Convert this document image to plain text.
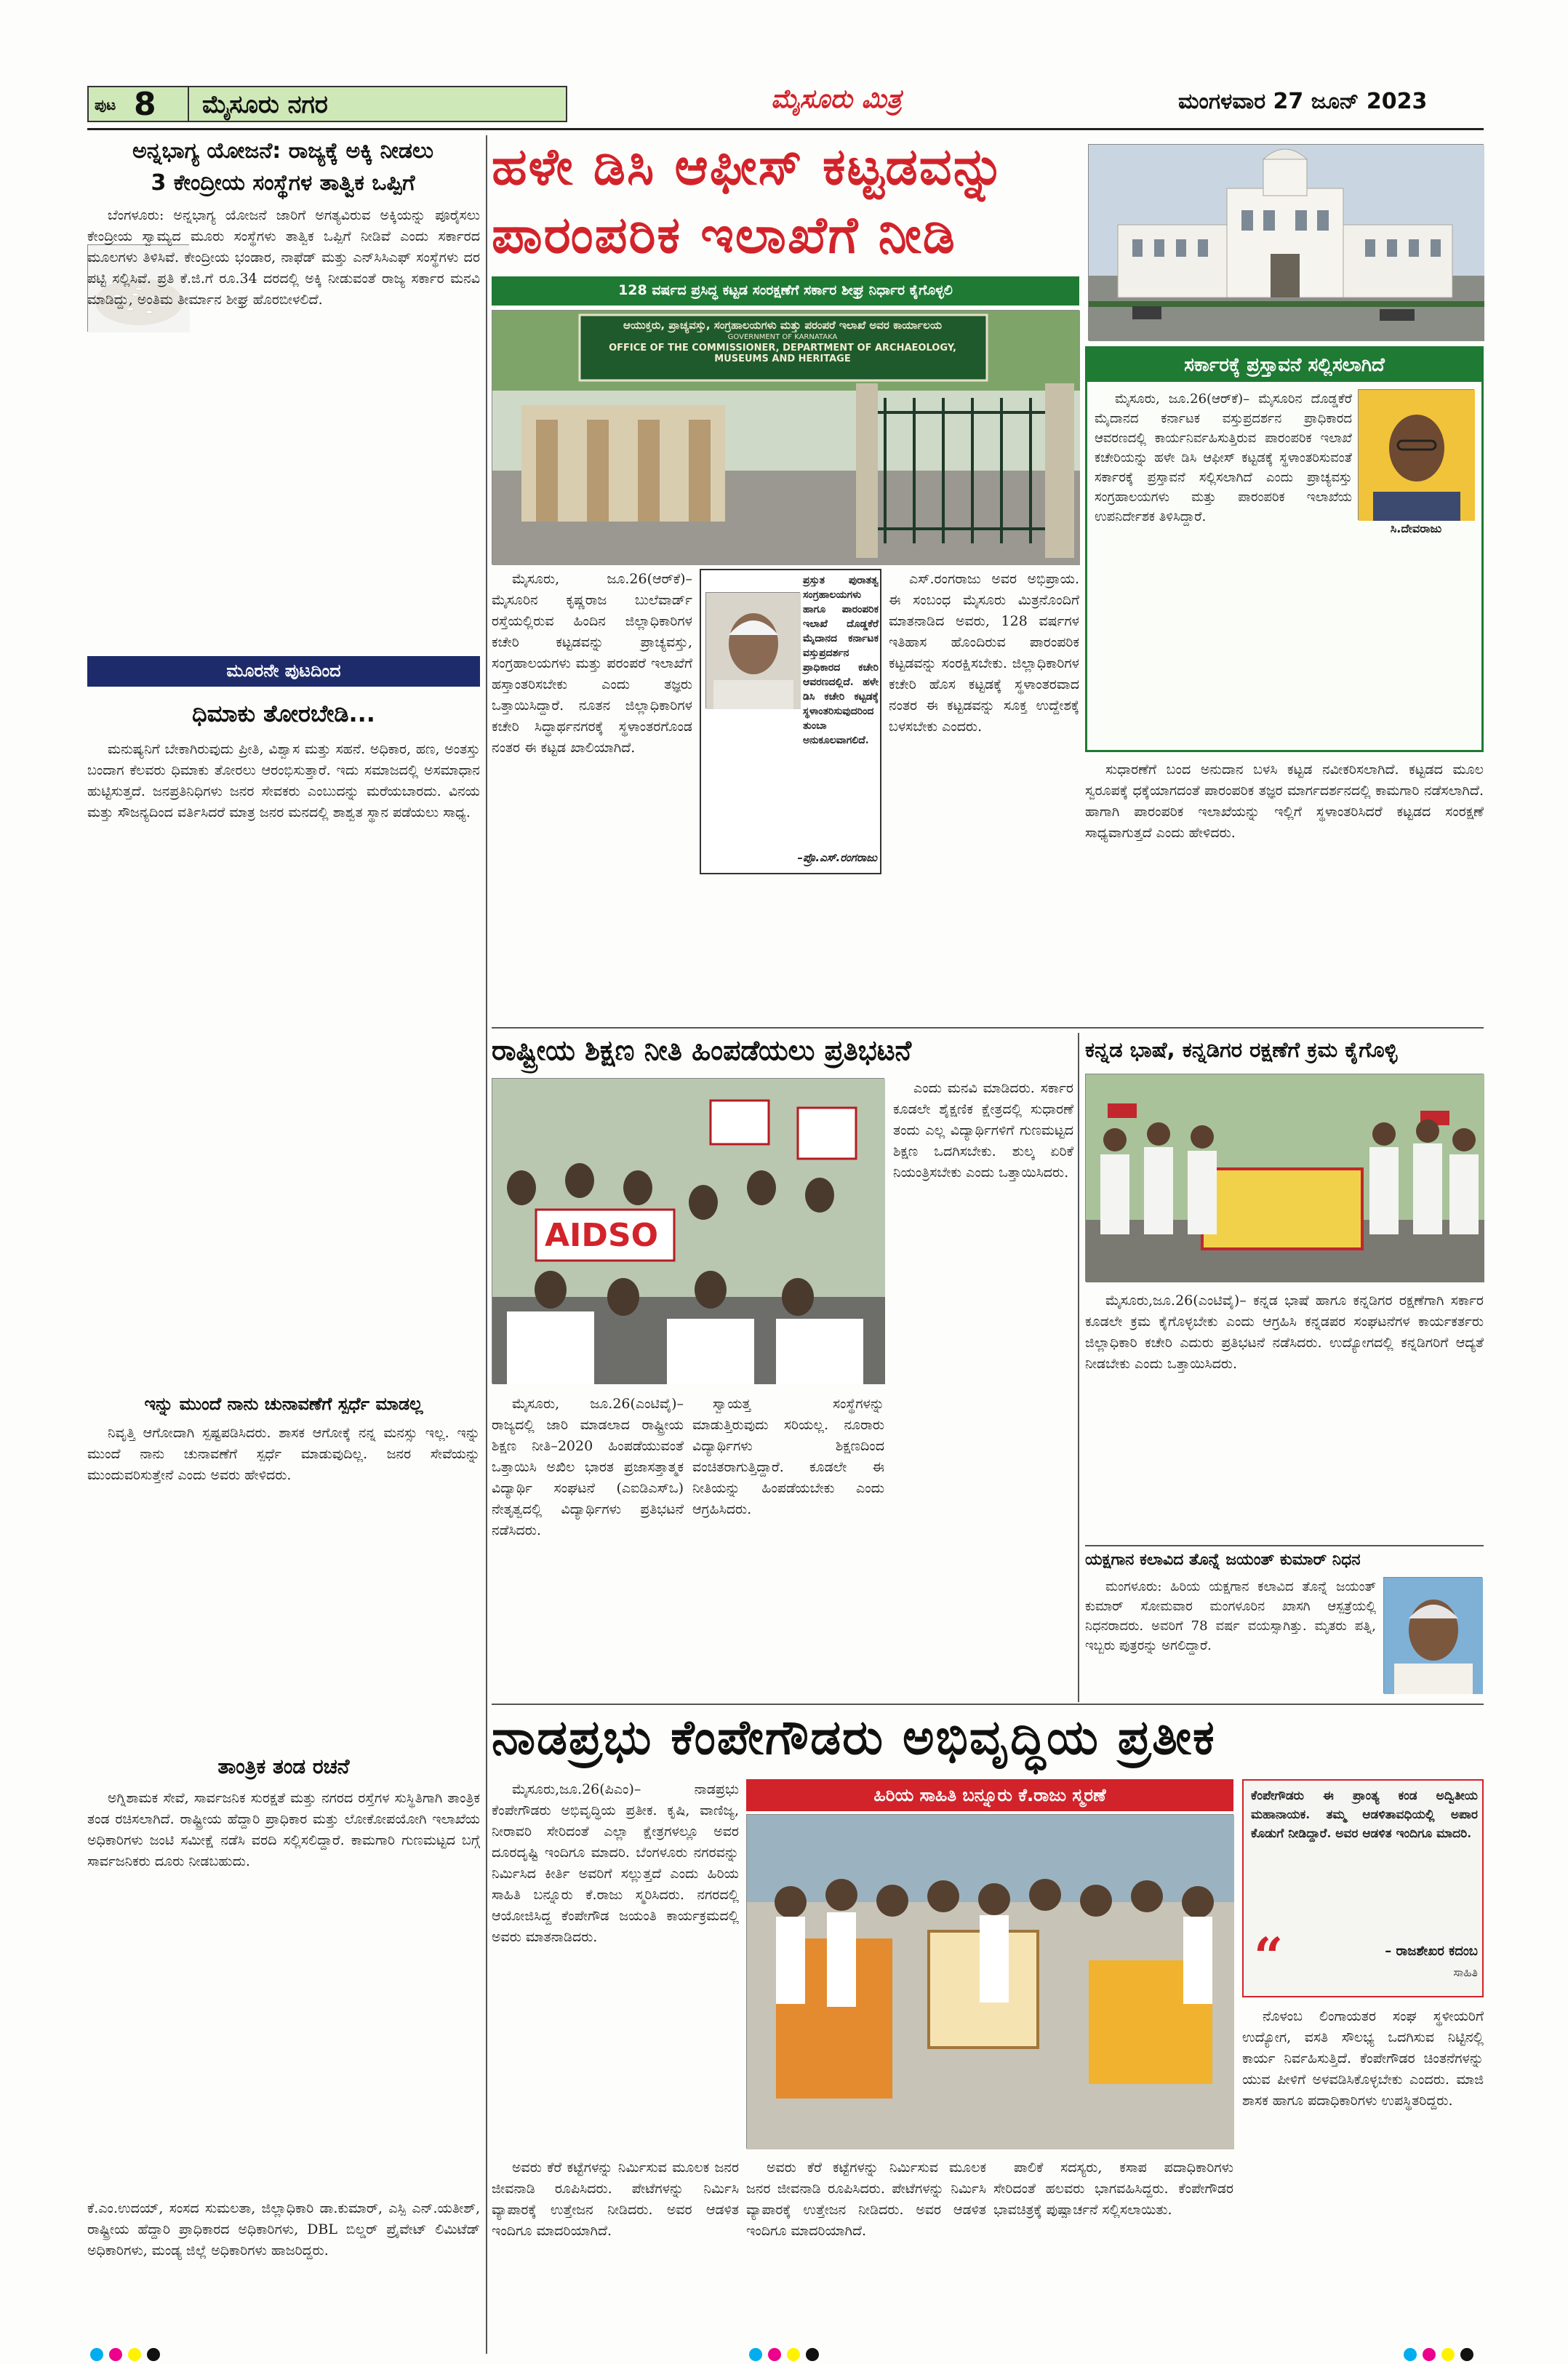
ಪುಟ 8 ಮೈಸೂರು ನಗರ	ಮೈಸೂರು ಮಿತ್ರ	ಮಂಗಳವಾರ 27 ಜೂನ್ 2023
ಅನ್ನಭಾಗ್ಯ ಯೋಜನೆ: ರಾಜ್ಯಕ್ಕೆ ಅಕ್ಕಿ ನೀಡಲು
3 ಕೇಂದ್ರೀಯ ಸಂಸ್ಥೆಗಳ ತಾತ್ವಿಕ ಒಪ್ಪಿಗೆ

ಬೆಂಗಳೂರು: ಅನ್ನಭಾಗ್ಯ ಯೋಜನೆ ಜಾರಿಗೆ ಅಗತ್ಯವಿರುವ ಅಕ್ಕಿಯನ್ನು ಪೂರೈಸಲು ಕೇಂದ್ರೀಯ ಸ್ವಾಮ್ಯದ ಮೂರು ಸಂಸ್ಥೆಗಳು ತಾತ್ವಿಕ ಒಪ್ಪಿಗೆ ನೀಡಿವೆ ಎಂದು ಸರ್ಕಾರದ ಮೂಲಗಳು ತಿಳಿಸಿವೆ. ಕೇಂದ್ರೀಯ ಭಂಡಾರ, ನಾಫೆಡ್ ಮತ್ತು ಎನ್‌ಸಿಸಿಎಫ್ ಸಂಸ್ಥೆಗಳು ದರ ಪಟ್ಟಿ ಸಲ್ಲಿಸಿವೆ. ಪ್ರತಿ ಕೆ.ಜಿ.ಗೆ ರೂ.34 ದರದಲ್ಲಿ ಅಕ್ಕಿ ನೀಡುವಂತೆ ರಾಜ್ಯ ಸರ್ಕಾರ ಮನವಿ ಮಾಡಿದ್ದು, ಅಂತಿಮ ತೀರ್ಮಾನ ಶೀಘ್ರ ಹೊರಬೀಳಲಿದೆ.

ಮೂರನೇ ಪುಟದಿಂದ
ಧಿಮಾಕು ತೋರಬೇಡಿ...

ಮನುಷ್ಯನಿಗೆ ಬೇಕಾಗಿರುವುದು ಪ್ರೀತಿ, ವಿಶ್ವಾಸ ಮತ್ತು ಸಹನೆ. ಅಧಿಕಾರ, ಹಣ, ಅಂತಸ್ತು ಬಂದಾಗ ಕೆಲವರು ಧಿಮಾಕು ತೋರಲು ಆರಂಭಿಸುತ್ತಾರೆ. ಇದು ಸಮಾಜದಲ್ಲಿ ಅಸಮಾಧಾನ ಹುಟ್ಟಿಸುತ್ತದೆ. ಜನಪ್ರತಿನಿಧಿಗಳು ಜನರ ಸೇವಕರು ಎಂಬುದನ್ನು ಮರೆಯಬಾರದು. ವಿನಯ ಮತ್ತು ಸೌಜನ್ಯದಿಂದ ವರ್ತಿಸಿದರೆ ಮಾತ್ರ ಜನರ ಮನದಲ್ಲಿ ಶಾಶ್ವತ ಸ್ಥಾನ ಪಡೆಯಲು ಸಾಧ್ಯ.

ಇನ್ನು ಮುಂದೆ ನಾನು ಚುನಾವಣೆಗೆ ಸ್ಪರ್ಧೆ ಮಾಡಲ್ಲ

ನಿವೃತ್ತಿ ಆಗೋದಾಗಿ ಸ್ಪಷ್ಟಪಡಿಸಿದರು. ಶಾಸಕ ಆಗೋಕ್ಕೆ ನನ್ನ ಮನಸ್ಸು ಇಲ್ಲ. ಇನ್ನು ಮುಂದೆ ನಾನು ಚುನಾವಣೆಗೆ ಸ್ಪರ್ಧೆ ಮಾಡುವುದಿಲ್ಲ. ಜನರ ಸೇವೆಯನ್ನು ಮುಂದುವರಿಸುತ್ತೇನೆ ಎಂದು ಅವರು ಹೇಳಿದರು.

ತಾಂತ್ರಿಕ ತಂಡ ರಚನೆ

ಅಗ್ನಿಶಾಮಕ ಸೇವೆ, ಸಾರ್ವಜನಿಕ ಸುರಕ್ಷತೆ ಮತ್ತು ನಗರದ ರಸ್ತೆಗಳ ಸುಸ್ಥಿತಿಗಾಗಿ ತಾಂತ್ರಿಕ ತಂಡ ರಚಿಸಲಾಗಿದೆ. ರಾಷ್ಟ್ರೀಯ ಹೆದ್ದಾರಿ ಪ್ರಾಧಿಕಾರ ಮತ್ತು ಲೋಕೋಪಯೋಗಿ ಇಲಾಖೆಯ ಅಧಿಕಾರಿಗಳು ಜಂಟಿ ಸಮೀಕ್ಷೆ ನಡೆಸಿ ವರದಿ ಸಲ್ಲಿಸಲಿದ್ದಾರೆ. ಕಾಮಗಾರಿ ಗುಣಮಟ್ಟದ ಬಗ್ಗೆ ಸಾರ್ವಜನಿಕರು ದೂರು ನೀಡಬಹುದು.

ಕೆ.ಎಂ.ಉದಯ್, ಸಂಸದ ಸುಮಲತಾ, ಜಿಲ್ಲಾಧಿಕಾರಿ ಡಾ.ಕುಮಾರ್, ಎಸ್ಪಿ ಎನ್.ಯತೀಶ್, ರಾಷ್ಟ್ರೀಯ ಹೆದ್ದಾರಿ ಪ್ರಾಧಿಕಾರದ ಅಧಿಕಾರಿಗಳು, DBL ಬಿಲ್ಡರ್ ಪ್ರೈವೇಟ್ ಲಿಮಿಟೆಡ್ ಅಧಿಕಾರಿಗಳು, ಮಂಡ್ಯ ಜಿಲ್ಲೆ ಅಧಿಕಾರಿಗಳು ಹಾಜರಿದ್ದರು.

ಹಳೇ ಡಿಸಿ ಆಫೀಸ್ ಕಟ್ಟಡವನ್ನು
ಪಾರಂಪರಿಕ ಇಲಾಖೆಗೆ ನೀಡಿ
128 ವರ್ಷದ ಪ್ರಸಿದ್ಧ ಕಟ್ಟಡ ಸಂರಕ್ಷಣೆಗೆ ಸರ್ಕಾರ ಶೀಘ್ರ ನಿರ್ಧಾರ ಕೈಗೊಳ್ಳಲಿ
ಆಯುಕ್ತರು, ಪ್ರಾಚ್ಯವಸ್ತು, ಸಂಗ್ರಹಾಲಯಗಳು ಮತ್ತು ಪರಂಪರೆ ಇಲಾಖೆ ಅವರ ಕಾರ್ಯಾಲಯ
GOVERNMENT OF KARNATAKA
OFFICE OF THE COMMISSIONER, DEPARTMENT OF ARCHAEOLOGY, MUSEUMS AND HERITAGE	ಸರ್ಕಾರಕ್ಕೆ ಪ್ರಸ್ತಾವನೆ ಸಲ್ಲಿಸಲಾಗಿದೆ
ಸಿ.ದೇವರಾಜು

ಮೈಸೂರು, ಜೂ.26(ಆರ್‌ಕೆ)– ಮೈಸೂರಿನ ದೊಡ್ಡಕೆರೆ ಮೈದಾನದ ಕರ್ನಾಟಕ ವಸ್ತುಪ್ರದರ್ಶನ ಪ್ರಾಧಿಕಾರದ ಆವರಣದಲ್ಲಿ ಕಾರ್ಯನಿರ್ವಹಿಸುತ್ತಿರುವ ಪಾರಂಪರಿಕ ಇಲಾಖೆ ಕಚೇರಿಯನ್ನು ಹಳೇ ಡಿಸಿ ಆಫೀಸ್ ಕಟ್ಟಡಕ್ಕೆ ಸ್ಥಳಾಂತರಿಸುವಂತೆ ಸರ್ಕಾರಕ್ಕೆ ಪ್ರಸ್ತಾವನೆ ಸಲ್ಲಿಸಲಾಗಿದೆ ಎಂದು ಪ್ರಾಚ್ಯವಸ್ತು ಸಂಗ್ರಹಾಲಯಗಳು ಮತ್ತು ಪಾರಂಪರಿಕ ಇಲಾಖೆಯ ಉಪನಿರ್ದೇಶಕ ತಿಳಿಸಿದ್ದಾರೆ.

ಪ್ರಸ್ತುತ ಪುರಾತತ್ವ ಸಂಗ್ರಹಾಲಯಗಳು ಹಾಗೂ ಪಾರಂಪರಿಕ ಇಲಾಖೆ ದೊಡ್ಡಕೆರೆ ಮೈದಾನದ ಕರ್ನಾಟಕ ವಸ್ತುಪ್ರದರ್ಶನ ಪ್ರಾಧಿಕಾರದ ಕಚೇರಿ ಆವರಣದಲ್ಲಿದೆ. ಹಳೇ ಡಿಸಿ ಕಚೇರಿ ಕಟ್ಟಡಕ್ಕೆ ಸ್ಥಳಾಂತರಿಸುವುದರಿಂದ ತುಂಬಾ ಅನುಕೂಲವಾಗಲಿದೆ.

–ಪ್ರೊ.ಎಸ್.ರಂಗರಾಜು

ಮೈಸೂರು, ಜೂ.26(ಆರ್‌ಕೆ)– ಮೈಸೂರಿನ ಕೃಷ್ಣರಾಜ ಬುಲೆವಾರ್ಡ್ ರಸ್ತೆಯಲ್ಲಿರುವ ಹಿಂದಿನ ಜಿಲ್ಲಾಧಿಕಾರಿಗಳ ಕಚೇರಿ ಕಟ್ಟಡವನ್ನು ಪ್ರಾಚ್ಯವಸ್ತು, ಸಂಗ್ರಹಾಲಯಗಳು ಮತ್ತು ಪರಂಪರೆ ಇಲಾಖೆಗೆ ಹಸ್ತಾಂತರಿಸಬೇಕು ಎಂದು ತಜ್ಞರು ಒತ್ತಾಯಿಸಿದ್ದಾರೆ. ನೂತನ ಜಿಲ್ಲಾಧಿಕಾರಿಗಳ ಕಚೇರಿ ಸಿದ್ಧಾರ್ಥನಗರಕ್ಕೆ ಸ್ಥಳಾಂತರಗೊಂಡ ನಂತರ ಈ ಕಟ್ಟಡ ಖಾಲಿಯಾಗಿದೆ.

ಎಸ್.ರಂಗರಾಜು ಅವರ ಅಭಿಪ್ರಾಯ. ಈ ಸಂಬಂಧ ಮೈಸೂರು ಮಿತ್ರನೊಂದಿಗೆ ಮಾತನಾಡಿದ ಅವರು, 128 ವರ್ಷಗಳ ಇತಿಹಾಸ ಹೊಂದಿರುವ ಪಾರಂಪರಿಕ ಕಟ್ಟಡವನ್ನು ಸಂರಕ್ಷಿಸಬೇಕು. ಜಿಲ್ಲಾಧಿಕಾರಿಗಳ ಕಚೇರಿ ಹೊಸ ಕಟ್ಟಡಕ್ಕೆ ಸ್ಥಳಾಂತರವಾದ ನಂತರ ಈ ಕಟ್ಟಡವನ್ನು ಸೂಕ್ತ ಉದ್ದೇಶಕ್ಕೆ ಬಳಸಬೇಕು ಎಂದರು.

ಸುಧಾರಣೆಗೆ ಬಂದ ಅನುದಾನ ಬಳಸಿ ಕಟ್ಟಡ ನವೀಕರಿಸಲಾಗಿದೆ. ಕಟ್ಟಡದ ಮೂಲ ಸ್ವರೂಪಕ್ಕೆ ಧಕ್ಕೆಯಾಗದಂತೆ ಪಾರಂಪರಿಕ ತಜ್ಞರ ಮಾರ್ಗದರ್ಶನದಲ್ಲಿ ಕಾಮಗಾರಿ ನಡೆಸಲಾಗಿದೆ. ಹಾಗಾಗಿ ಪಾರಂಪರಿಕ ಇಲಾಖೆಯನ್ನು ಇಲ್ಲಿಗೆ ಸ್ಥಳಾಂತರಿಸಿದರೆ ಕಟ್ಟಡದ ಸಂರಕ್ಷಣೆ ಸಾಧ್ಯವಾಗುತ್ತದೆ ಎಂದು ಹೇಳಿದರು.

ರಾಷ್ಟ್ರೀಯ ಶಿಕ್ಷಣ ನೀತಿ ಹಿಂಪಡೆಯಲು ಪ್ರತಿಭಟನೆ
AIDSO

ಮೈಸೂರು, ಜೂ.26(ಎಂಟಿವೈ)– ರಾಜ್ಯದಲ್ಲಿ ಜಾರಿ ಮಾಡಲಾದ ರಾಷ್ಟ್ರೀಯ ಶಿಕ್ಷಣ ನೀತಿ–2020 ಹಿಂಪಡೆಯುವಂತೆ ಒತ್ತಾಯಿಸಿ ಅಖಿಲ ಭಾರತ ಪ್ರಜಾಸತ್ತಾತ್ಮಕ ವಿದ್ಯಾರ್ಥಿ ಸಂಘಟನೆ (ಎಐಡಿಎಸ್‌ಒ) ನೇತೃತ್ವದಲ್ಲಿ ವಿದ್ಯಾರ್ಥಿಗಳು ಪ್ರತಿಭಟನೆ ನಡೆಸಿದರು.

ಸ್ವಾಯತ್ತ ಸಂಸ್ಥೆಗಳನ್ನು ಮಾಡುತ್ತಿರುವುದು ಸರಿಯಲ್ಲ. ನೂರಾರು ವಿದ್ಯಾರ್ಥಿಗಳು ಶಿಕ್ಷಣದಿಂದ ವಂಚಿತರಾಗುತ್ತಿದ್ದಾರೆ. ಕೂಡಲೇ ಈ ನೀತಿಯನ್ನು ಹಿಂಪಡೆಯಬೇಕು ಎಂದು ಆಗ್ರಹಿಸಿದರು.

ಎಂದು ಮನವಿ ಮಾಡಿದರು. ಸರ್ಕಾರ ಕೂಡಲೇ ಶೈಕ್ಷಣಿಕ ಕ್ಷೇತ್ರದಲ್ಲಿ ಸುಧಾರಣೆ ತಂದು ಎಲ್ಲ ವಿದ್ಯಾರ್ಥಿಗಳಿಗೆ ಗುಣಮಟ್ಟದ ಶಿಕ್ಷಣ ಒದಗಿಸಬೇಕು. ಶುಲ್ಕ ಏರಿಕೆ ನಿಯಂತ್ರಿಸಬೇಕು ಎಂದು ಒತ್ತಾಯಿಸಿದರು.

ಕನ್ನಡ ಭಾಷೆ, ಕನ್ನಡಿಗರ ರಕ್ಷಣೆಗೆ ಕ್ರಮ ಕೈಗೊಳ್ಳಿ

ಮೈಸೂರು,ಜೂ.26(ಎಂಟಿವೈ)– ಕನ್ನಡ ಭಾಷೆ ಹಾಗೂ ಕನ್ನಡಿಗರ ರಕ್ಷಣೆಗಾಗಿ ಸರ್ಕಾರ ಕೂಡಲೇ ಕ್ರಮ ಕೈಗೊಳ್ಳಬೇಕು ಎಂದು ಆಗ್ರಹಿಸಿ ಕನ್ನಡಪರ ಸಂಘಟನೆಗಳ ಕಾರ್ಯಕರ್ತರು ಜಿಲ್ಲಾಧಿಕಾರಿ ಕಚೇರಿ ಎದುರು ಪ್ರತಿಭಟನೆ ನಡೆಸಿದರು. ಉದ್ಯೋಗದಲ್ಲಿ ಕನ್ನಡಿಗರಿಗೆ ಆದ್ಯತೆ ನೀಡಬೇಕು ಎಂದು ಒತ್ತಾಯಿಸಿದರು.

ಯಕ್ಷಗಾನ ಕಲಾವಿದ ತೊನ್ನೆ ಜಯಂತ್ ಕುಮಾರ್ ನಿಧನ

ಮಂಗಳೂರು: ಹಿರಿಯ ಯಕ್ಷಗಾನ ಕಲಾವಿದ ತೊನ್ನೆ ಜಯಂತ್ ಕುಮಾರ್ ಸೋಮವಾರ ಮಂಗಳೂರಿನ ಖಾಸಗಿ ಆಸ್ಪತ್ರೆಯಲ್ಲಿ ನಿಧನರಾದರು. ಅವರಿಗೆ 78 ವರ್ಷ ವಯಸ್ಸಾಗಿತ್ತು. ಮೃತರು ಪತ್ನಿ, ಇಬ್ಬರು ಪುತ್ರರನ್ನು ಅಗಲಿದ್ದಾರೆ.

ನಾಡಪ್ರಭು ಕೆಂಪೇಗೌಡರು ಅಭಿವೃದ್ಧಿಯ ಪ್ರತೀಕ

ಮೈಸೂರು,ಜೂ.26(ಪಿಎಂ)– ನಾಡಪ್ರಭು ಕೆಂಪೇಗೌಡರು ಅಭಿವೃದ್ಧಿಯ ಪ್ರತೀಕ. ಕೃಷಿ, ವಾಣಿಜ್ಯ, ನೀರಾವರಿ ಸೇರಿದಂತೆ ಎಲ್ಲಾ ಕ್ಷೇತ್ರಗಳಲ್ಲೂ ಅವರ ದೂರದೃಷ್ಟಿ ಇಂದಿಗೂ ಮಾದರಿ. ಬೆಂಗಳೂರು ನಗರವನ್ನು ನಿರ್ಮಿಸಿದ ಕೀರ್ತಿ ಅವರಿಗೆ ಸಲ್ಲುತ್ತದೆ ಎಂದು ಹಿರಿಯ ಸಾಹಿತಿ ಬನ್ನೂರು ಕೆ.ರಾಜು ಸ್ಮರಿಸಿದರು. ನಗರದಲ್ಲಿ ಆಯೋಜಿಸಿದ್ದ ಕೆಂಪೇಗೌಡ ಜಯಂತಿ ಕಾರ್ಯಕ್ರಮದಲ್ಲಿ ಅವರು ಮಾತನಾಡಿದರು.

ಹಿರಿಯ ಸಾಹಿತಿ ಬನ್ನೂರು ಕೆ.ರಾಜು ಸ್ಮರಣೆ	ಕೆಂಪೇಗೌಡರು ಈ ಪ್ರಾಂತ್ಯ ಕಂಡ ಅದ್ವಿತೀಯ ಮಹಾನಾಯಕ. ತಮ್ಮ ಆಡಳಿತಾವಧಿಯಲ್ಲಿ ಅಪಾರ ಕೊಡುಗೆ ನೀಡಿದ್ದಾರೆ. ಅವರ ಆಡಳಿತ ಇಂದಿಗೂ ಮಾದರಿ.

“	– ರಾಜಶೇಖರ ಕದಂಬ
ಸಾಹಿತಿ

ನೊಳಂಬ ಲಿಂಗಾಯತರ ಸಂಘ ಸ್ಥಳೀಯರಿಗೆ ಉದ್ಯೋಗ, ವಸತಿ ಸೌಲಭ್ಯ ಒದಗಿಸುವ ನಿಟ್ಟಿನಲ್ಲಿ ಕಾರ್ಯ ನಿರ್ವಹಿಸುತ್ತಿದೆ. ಕೆಂಪೇಗೌಡರ ಚಿಂತನೆಗಳನ್ನು ಯುವ ಪೀಳಿಗೆ ಅಳವಡಿಸಿಕೊಳ್ಳಬೇಕು ಎಂದರು. ಮಾಜಿ ಶಾಸಕ ಹಾಗೂ ಪದಾಧಿಕಾರಿಗಳು ಉಪಸ್ಥಿತರಿದ್ದರು.

ಅವರು ಕೆರೆ ಕಟ್ಟೆಗಳನ್ನು ನಿರ್ಮಿಸುವ ಮೂಲಕ ಜನರ ಜೀವನಾಡಿ ರೂಪಿಸಿದರು. ಪೇಟೆಗಳನ್ನು ನಿರ್ಮಿಸಿ ವ್ಯಾಪಾರಕ್ಕೆ ಉತ್ತೇಜನ ನೀಡಿದರು. ಅವರ ಆಡಳಿತ ಇಂದಿಗೂ ಮಾದರಿಯಾಗಿದೆ.

ಪಾಲಿಕೆ ಸದಸ್ಯರು, ಕಸಾಪ ಪದಾಧಿಕಾರಿಗಳು ಸೇರಿದಂತೆ ಹಲವರು ಭಾಗವಹಿಸಿದ್ದರು. ಕೆಂಪೇಗೌಡರ ಭಾವಚಿತ್ರಕ್ಕೆ ಪುಷ್ಪಾರ್ಚನೆ ಸಲ್ಲಿಸಲಾಯಿತು.

ಅವರು ಕೆರೆ ಕಟ್ಟೆಗಳನ್ನು ನಿರ್ಮಿಸುವ ಮೂಲಕ ಜನರ ಜೀವನಾಡಿ ರೂಪಿಸಿದರು. ಪೇಟೆಗಳನ್ನು ನಿರ್ಮಿಸಿ ವ್ಯಾಪಾರಕ್ಕೆ ಉತ್ತೇಜನ ನೀಡಿದರು. ಅವರ ಆಡಳಿತ ಇಂದಿಗೂ ಮಾದರಿಯಾಗಿದೆ.
